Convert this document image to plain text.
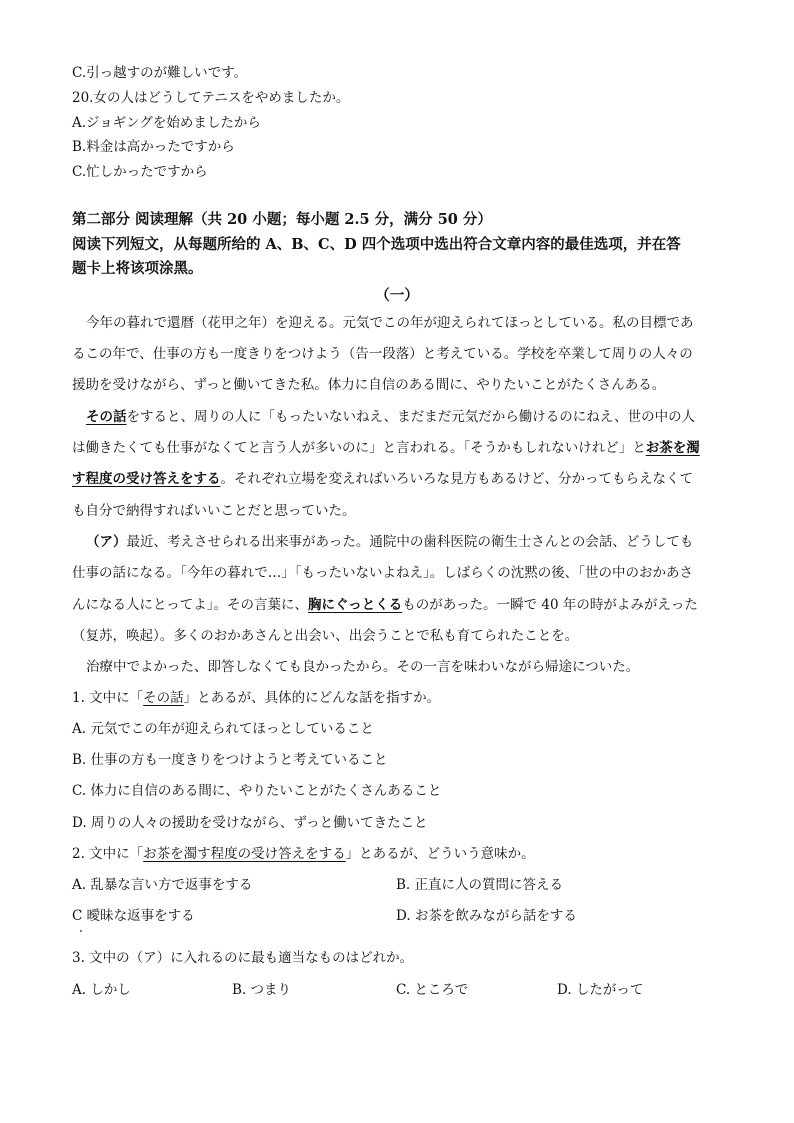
C.引っ越すのが難しいです。
20.女の人はどうしてテニスをやめましたか。
A.ジョギングを始めましたから
B.料金は高かったですから
C.忙しかったですから
第二部分 阅读理解（共 20 小题；每小题 2.5 分，满分 50 分）
阅读下列短文，从每题所给的 A、B、C、D 四个选项中选出符合文章内容的最佳选项，并在答
题卡上将该项涂黑。
（一）
今年の暮れで還暦（花甲之年）を迎える。元気でこの年が迎えられてほっとしている。私の目標であ
るこの年で、仕事の方も一度きりをつけよう（告一段落）と考えている。学校を卒業して周りの人々の
援助を受けながら、ずっと働いてきた私。体力に自信のある間に、やりたいことがたくさんある。
その話をすると、周りの人に「もったいないねえ、まだまだ元気だから働けるのにねえ、世の中の人
は働きたくても仕事がなくてと言う人が多いのに」と言われる。「そうかもしれないけれど」とお茶を濁
す程度の受け答えをする。それぞれ立場を変えればいろいろな見方もあるけど、分かってもらえなくて
も自分で納得すればいいことだと思っていた。
（ア）最近、考えさせられる出来事があった。通院中の歯科医院の衛生士さんとの会話、どうしても
仕事の話になる。「今年の暮れで…」「もったいないよねえ」。しばらくの沈黙の後、「世の中のおかあさ
んになる人にとってよ」。その言葉に、胸にぐっとくるものがあった。一瞬で 40 年の時がよみがえった
（复苏，唤起）。多くのおかあさんと出会い、出会うことで私も育てられたことを。
治療中でよかった、即答しなくても良かったから。その一言を味わいながら帰途についた。
1. 文中に「その話」とあるが、具体的にどんな話を指すか。
A. 元気でこの年が迎えられてほっとしていること
B. 仕事の方も一度きりをつけようと考えていること
C. 体力に自信のある間に、やりたいことがたくさんあること
D. 周りの人々の援助を受けながら、ずっと働いてきたこと
2. 文中に「お茶を濁す程度の受け答えをする」とあるが、どういう意味か。
A. 乱暴な言い方で返事をする	B. 正直に人の質問に答える
C 曖昧な返事をする	D. お茶を飲みながら話をする
3. 文中の（ア）に入れるのに最も適当なものはどれか。
A. しかし	B. つまり	C. ところで	D. したがって
